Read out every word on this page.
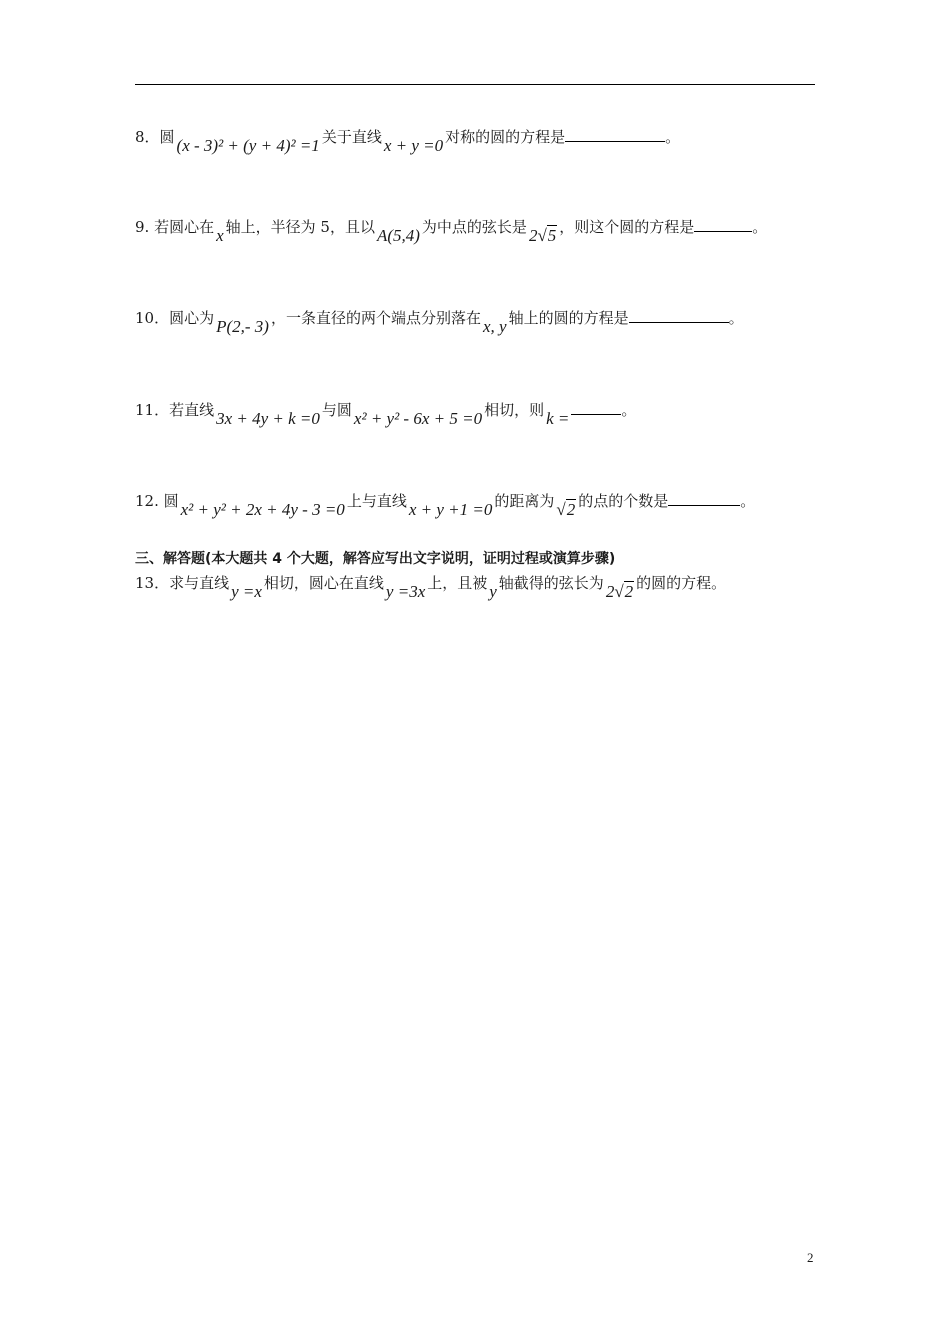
8．圆 (x - 3)² + (y + 4)² =1 关于直线 x + y =0 对称的圆的方程是	。
9. 若圆心在 x 轴上，半径为 5，且以 A(5,4) 为中点的弦长是 2√5 ，则这个圆的方程是	。
10．圆心为 P(2,- 3) ，一条直径的两个端点分别落在 x, y 轴上的圆的方程是	。
11．若直线 3x + 4y + k =0 与圆 x² + y² - 6x + 5 =0 相切，则 k =	。
12. 圆 x² + y² + 2x + 4y - 3 =0 上与直线 x + y +1 =0 的距离为 √2 的点的个数是	。
三、解答题(本大题共 4 个大题，解答应写出文字说明，证明过程或演算步骤)
13．求与直线 y =x 相切，圆心在直线 y =3x 上，且被 y 轴截得的弦长为 2√2 的圆的方程。
2
